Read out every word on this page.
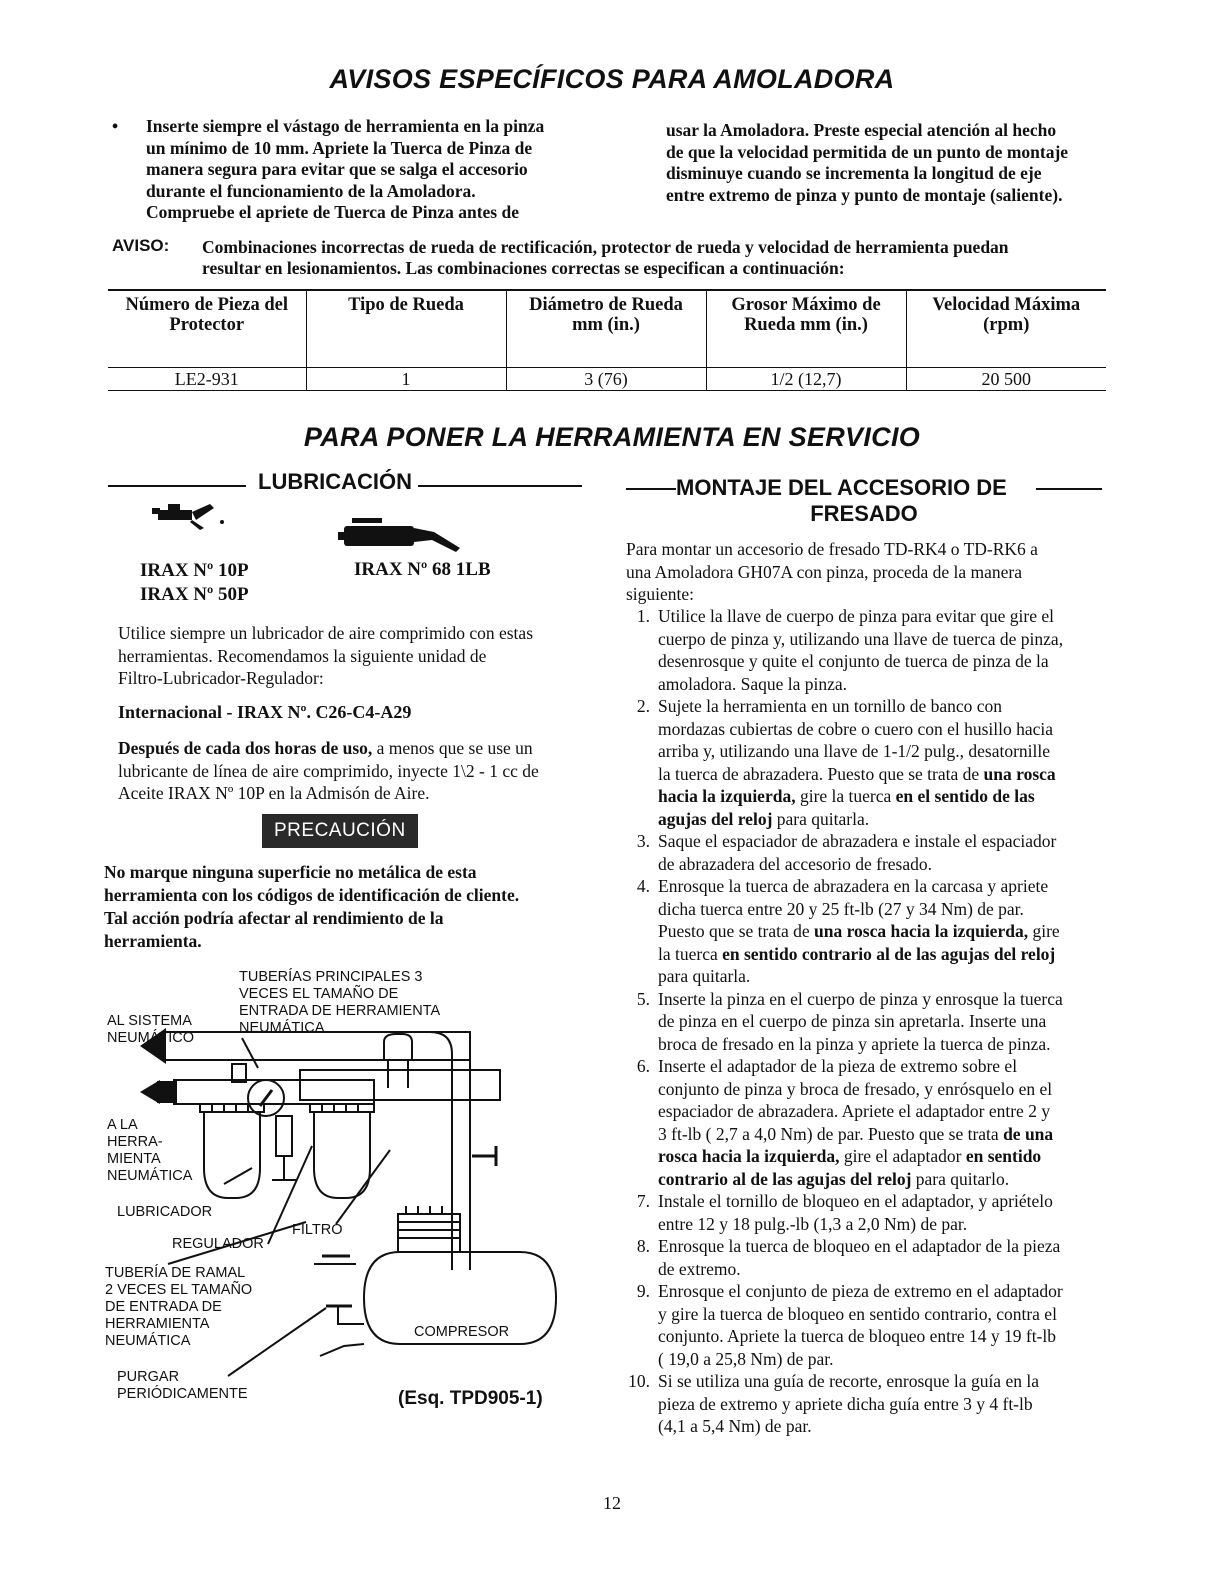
AVISOS ESPECÍFICOS PARA AMOLADORA
• Inserte siempre el vástago de herramienta en la pinza
un mínimo de 10 mm. Apriete la Tuerca de Pinza de
manera segura para evitar que se salga el accesorio
durante el funcionamiento de la Amoladora.
Compruebe el apriete de Tuerca de Pinza antes de
usar la Amoladora. Preste especial atención al hecho
de que la velocidad permitida de un punto de montaje
disminuye cuando se incrementa la longitud de eje
entre extremo de pinza y punto de montaje (saliente).
AVISO: Combinaciones incorrectas de rueda de rectificación, protector de rueda y velocidad de herramienta puedan
resultar en lesionamientos. Las combinaciones correctas se especifican a continuación:
Número de Pieza del Protector	Tipo de Rueda	Diámetro de Rueda mm (in.)	Grosor Máximo de Rueda mm (in.)	Velocidad Máxima (rpm)
LE2-931	1	3 (76)	1/2 (12,7)	20 500
PARA PONER LA HERRAMIENTA EN SERVICIO
LUBRICACIÓN
IRAX Nº 10P
IRAX Nº 50P
IRAX Nº 68 1LB
Utilice siempre un lubricador de aire comprimido con estas
herramientas. Recomendamos la siguiente unidad de
Filtro-Lubricador-Regulador:
Internacional - IRAX Nº. C26-C4-A29
Después de cada dos horas de uso, a menos que se use un
lubricante de línea de aire comprimido, inyecte 1\2 - 1 cc de
Aceite IRAX Nº 10P en la Admisón de Aire.
PRECAUCIÓN
No marque ninguna superficie no metálica de esta
herramienta con los códigos de identificación de cliente.
Tal acción podría afectar al rendimiento de la
herramienta.
TUBERÍAS PRINCIPALES 3
VECES EL TAMAÑO DE
ENTRADA DE HERRAMIENTA
NEUMÁTICA
AL SISTEMA
NEUMÁTICO
A LA
HERRA-
MIENTA
NEUMÁTICA
LUBRICADOR
FILTRO
REGULADOR
TUBERÍA DE RAMAL
2 VECES EL TAMAÑO
DE ENTRADA DE
HERRAMIENTA
NEUMÁTICA
COMPRESOR
PURGAR
PERIÓDICAMENTE	(Esq. TPD905-1)
MONTAJE DEL ACCESORIO DE
FRESADO
Para montar un accesorio de fresado TD-RK4 o TD-RK6 a
una Amoladora GH07A con pinza, proceda de la manera
siguiente:
1. Utilice la llave de cuerpo de pinza para evitar que gire el
cuerpo de pinza y, utilizando una llave de tuerca de pinza,
desenrosque y quite el conjunto de tuerca de pinza de la
amoladora. Saque la pinza.
2. Sujete la herramienta en un tornillo de banco con
mordazas cubiertas de cobre o cuero con el husillo hacia
arriba y, utilizando una llave de 1-1/2 pulg., desatornille
la tuerca de abrazadera. Puesto que se trata de una rosca
hacia la izquierda, gire la tuerca en el sentido de las
agujas del reloj para quitarla.
3. Saque el espaciador de abrazadera e instale el espaciador
de abrazadera del accesorio de fresado.
4. Enrosque la tuerca de abrazadera en la carcasa y apriete
dicha tuerca entre 20 y 25 ft-lb (27 y 34 Nm) de par.
Puesto que se trata de una rosca hacia la izquierda, gire
la tuerca en sentido contrario al de las agujas del reloj
para quitarla.
5. Inserte la pinza en el cuerpo de pinza y enrosque la tuerca
de pinza en el cuerpo de pinza sin apretarla. Inserte una
broca de fresado en la pinza y apriete la tuerca de pinza.
6. Inserte el adaptador de la pieza de extremo sobre el
conjunto de pinza y broca de fresado, y enrósquelo en el
espaciador de abrazadera. Apriete el adaptador entre 2 y
3 ft-lb ( 2,7 a 4,0 Nm) de par. Puesto que se trata de una
rosca hacia la izquierda, gire el adaptador en sentido
contrario al de las agujas del reloj para quitarlo.
7. Instale el tornillo de bloqueo en el adaptador, y apriételo
entre 12 y 18 pulg.-lb (1,3 a 2,0 Nm) de par.
8. Enrosque la tuerca de bloqueo en el adaptador de la pieza
de extremo.
9. Enrosque el conjunto de pieza de extremo en el adaptador
y gire la tuerca de bloqueo en sentido contrario, contra el
conjunto. Apriete la tuerca de bloqueo entre 14 y 19 ft-lb
( 19,0 a 25,8 Nm) de par.
10. Si se utiliza una guía de recorte, enrosque la guía en la
pieza de extremo y apriete dicha guía entre 3 y 4 ft-lb
(4,1 a 5,4 Nm) de par.
12
